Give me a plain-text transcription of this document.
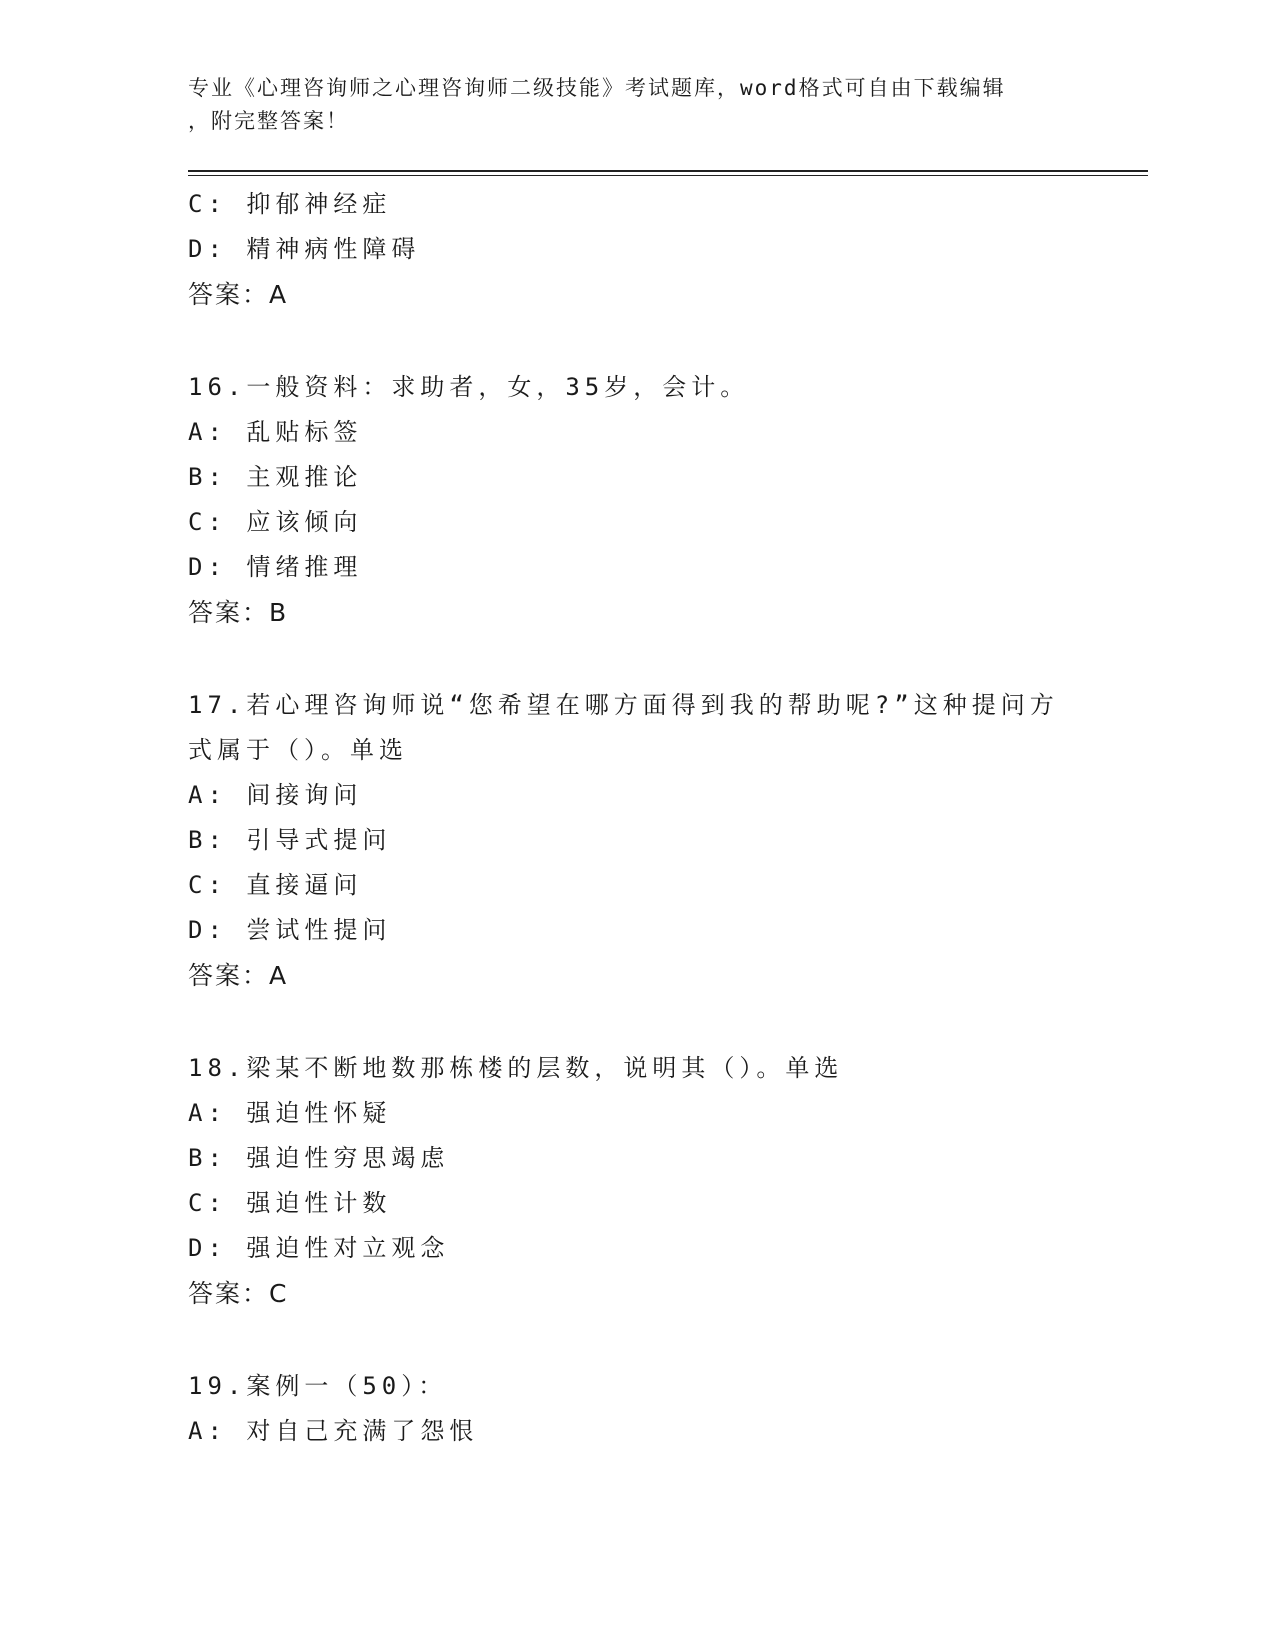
专业《心理咨询师之心理咨询师二级技能》考试题库，word格式可自由下载编辑
，附完整答案！
C: 抑郁神经症
D: 精神病性障碍
答案：A
16.一般资料：求助者，女，35岁，会计。
A: 乱贴标签
B: 主观推论
C: 应该倾向
D: 情绪推理
答案：B
17.若心理咨询师说“您希望在哪方面得到我的帮助呢?”这种提问方式属于（）。单选
A: 间接询问
B: 引导式提问
C: 直接逼问
D: 尝试性提问
答案：A
18.梁某不断地数那栋楼的层数，说明其（）。单选
A: 强迫性怀疑
B: 强迫性穷思竭虑
C: 强迫性计数
D: 强迫性对立观念
答案：C
19.案例一（50）：
A: 对自己充满了怨恨
